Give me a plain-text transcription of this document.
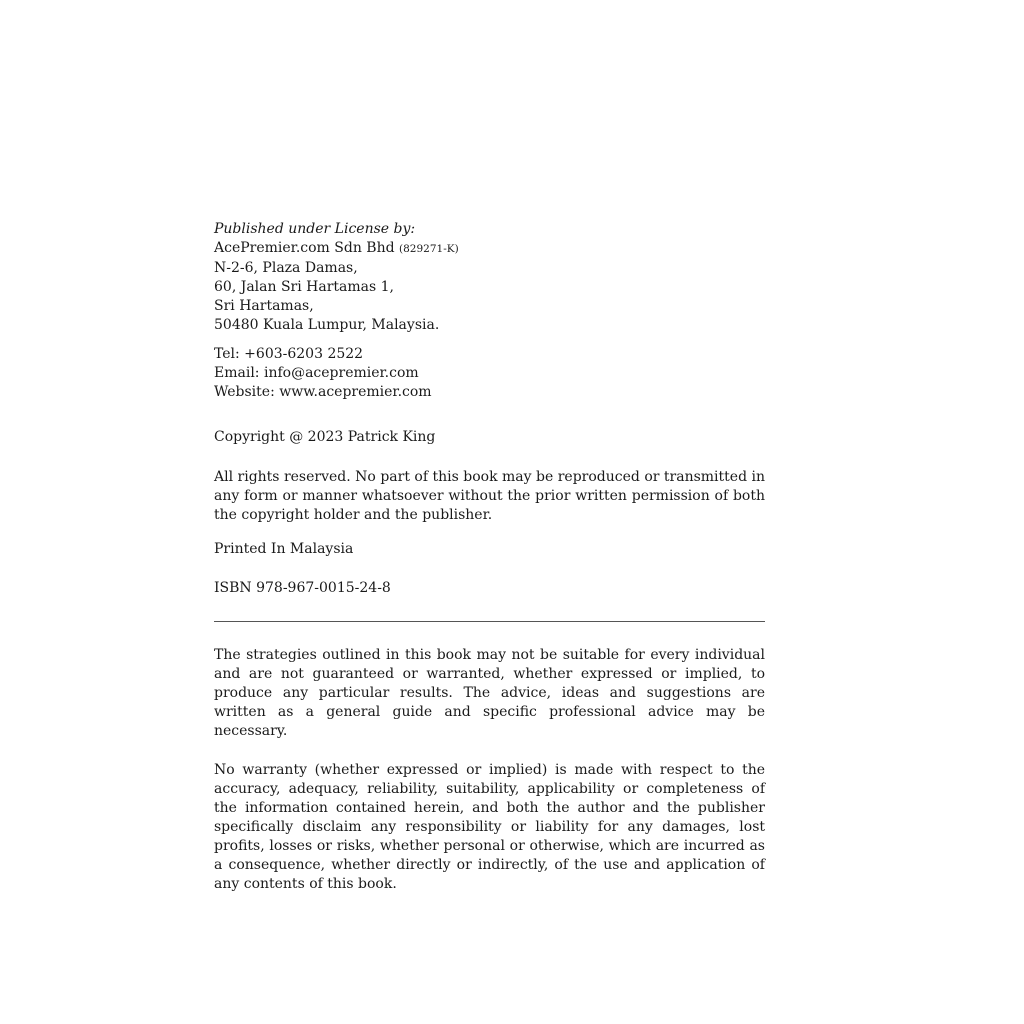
Published under License by:
AcePremier.com Sdn Bhd (829271-K)
N-2-6, Plaza Damas,
60, Jalan Sri Hartamas 1,
Sri Hartamas,
50480 Kuala Lumpur, Malaysia.
Tel: +603-6203 2522
Email: info@acepremier.com
Website: www.acepremier.com
Copyright @ 2023 Patrick King

All rights reserved. No part of this book may be reproduced or transmitted in any form or manner whatsoever without the prior written permission of both the copyright holder and the publisher.

Printed In Malaysia
ISBN 978-967-0015-24-8

The strategies outlined in this book may not be suitable for every individual and are not guaranteed or warranted, whether expressed or implied, to produce any particular results. The advice, ideas and suggestions are written as a general guide and specific professional advice may be necessary.

No warranty (whether expressed or implied) is made with respect to the accuracy, adequacy, reliability, suitability, applicability or completeness of the information contained herein, and both the author and the publisher specifically disclaim any responsibility or liability for any damages, lost profits, losses or risks, whether personal or otherwise, which are incurred as a consequence, whether directly or indirectly, of the use and application of any contents of this book.
